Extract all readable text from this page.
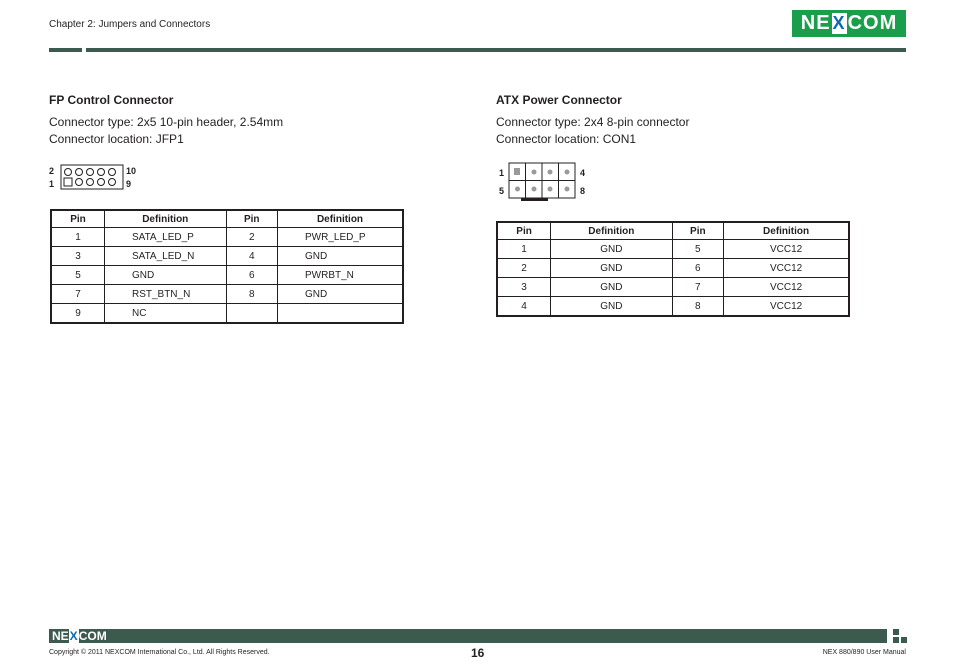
Chapter 2: Jumpers and Connectors	NE X COM
FP Control Connector
Connector type: 2x5 10-pin header, 2.54mm
Connector location: JFP1
2
1
10
9
Pin	Definition	Pin	Definition
1	SATA_LED_P	2	PWR_LED_P
3	SATA_LED_N	4	GND
5	GND	6	PWRBT_N
7	RST_BTN_N	8	GND
9	NC		
ATX Power Connector
Connector type: 2x4 8-pin connector
Connector location: CON1
1
5
4
8
Pin	Definition	Pin	Definition
1	GND	5	VCC12
2	GND	6	VCC12
3	GND	7	VCC12
4	GND	8	VCC12
NEXCOM
Copyright © 2011 NEXCOM International Co., Ltd. All Rights Reserved.	16	NEX 880/890 User Manual
